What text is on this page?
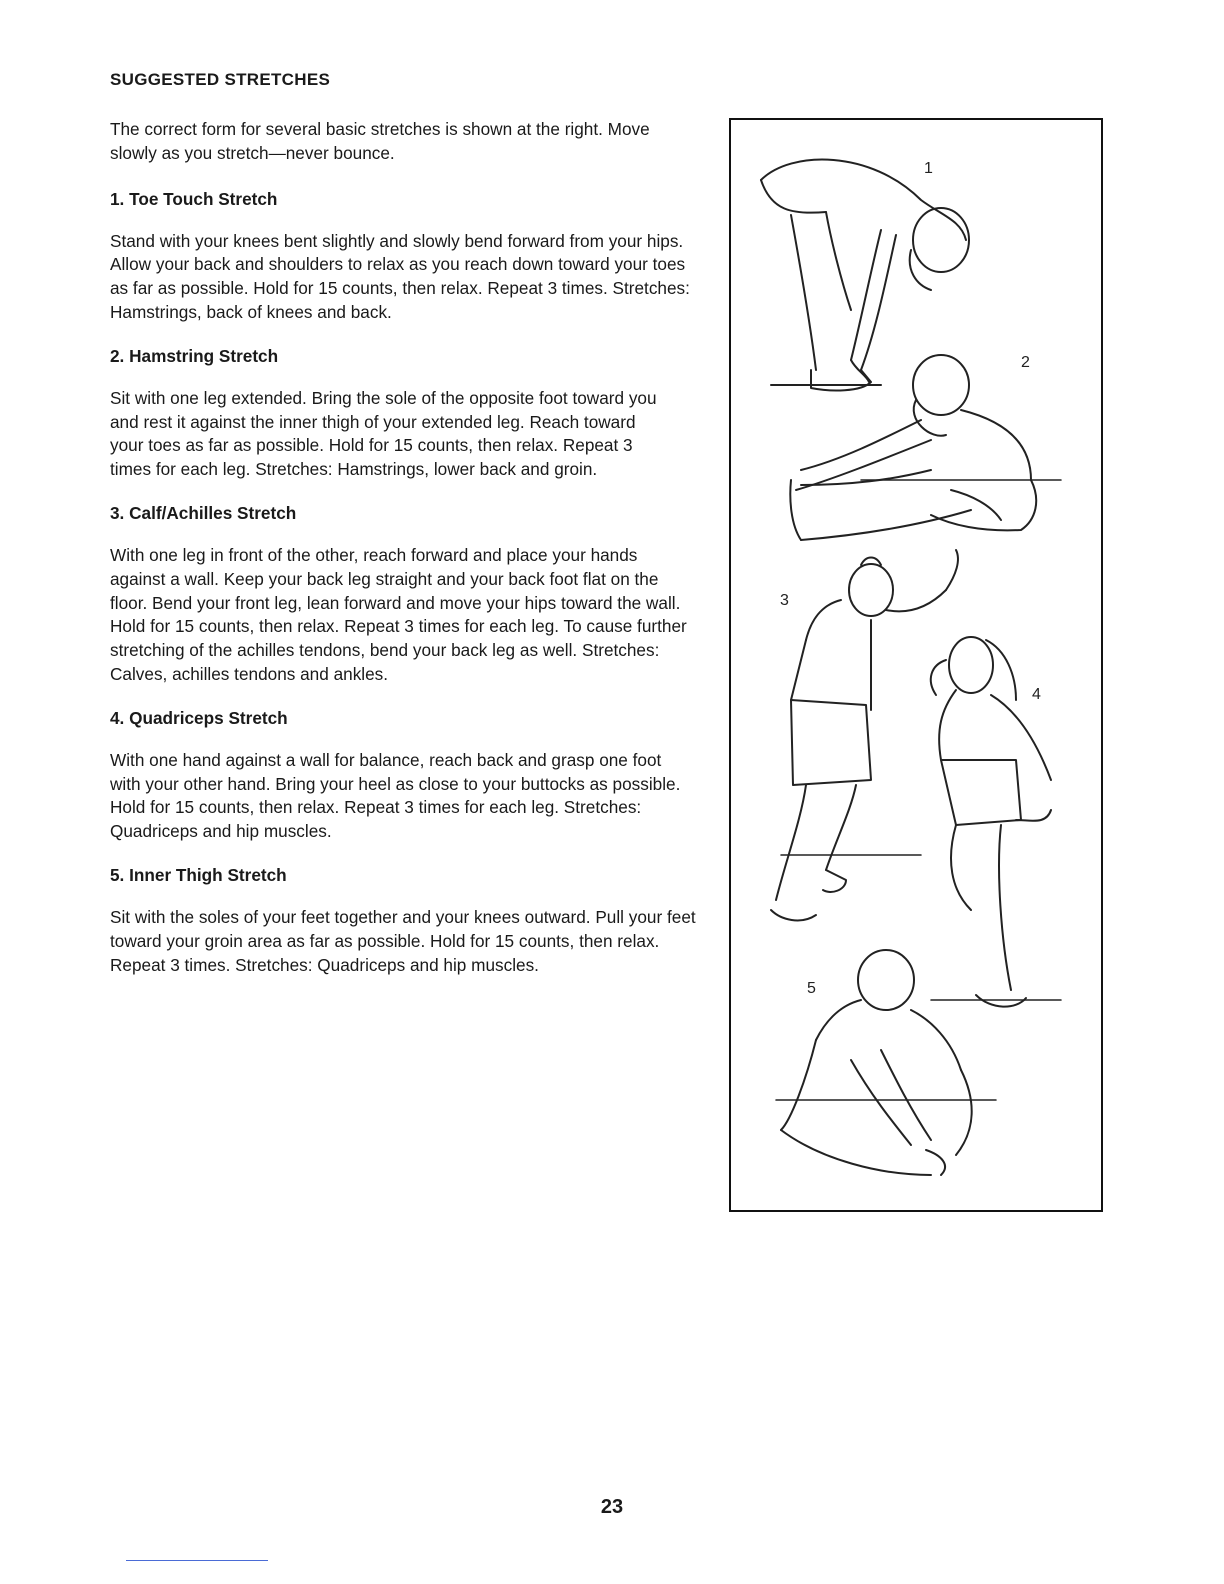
SUGGESTED STRETCHES

The correct form for several basic stretches is shown at the right. Move slowly as you stretch—never bounce.

1. Toe Touch Stretch

Stand with your knees bent slightly and slowly bend forward from your hips. Allow your back and shoulders to relax as you reach down toward your toes as far as possible. Hold for 15 counts, then relax. Repeat 3 times. Stretches: Hamstrings, back of knees and back.

2. Hamstring Stretch

Sit with one leg extended. Bring the sole of the opposite foot toward you and rest it against the inner thigh of your extended leg. Reach toward your toes as far as possible. Hold for 15 counts, then relax. Repeat 3 times for each leg. Stretches: Hamstrings, lower back and groin.

3. Calf/Achilles Stretch

With one leg in front of the other, reach forward and place your hands against a wall. Keep your back leg straight and your back foot flat on the floor. Bend your front leg, lean forward and move your hips toward the wall. Hold for 15 counts, then relax. Repeat 3 times for each leg. To cause further stretching of the achilles tendons, bend your back leg as well. Stretches: Calves, achilles tendons and ankles.

4. Quadriceps Stretch

With one hand against a wall for balance, reach back and grasp one foot with your other hand. Bring your heel as close to your buttocks as possible. Hold for 15 counts, then relax. Repeat 3 times for each leg. Stretches: Quadriceps and hip muscles.

5. Inner Thigh Stretch

Sit with the soles of your feet together and your knees outward. Pull your feet toward your groin area as far as possible. Hold for 15 counts, then relax. Repeat 3 times. Stretches: Quadriceps and hip muscles.

1
2
3
4
5
23
